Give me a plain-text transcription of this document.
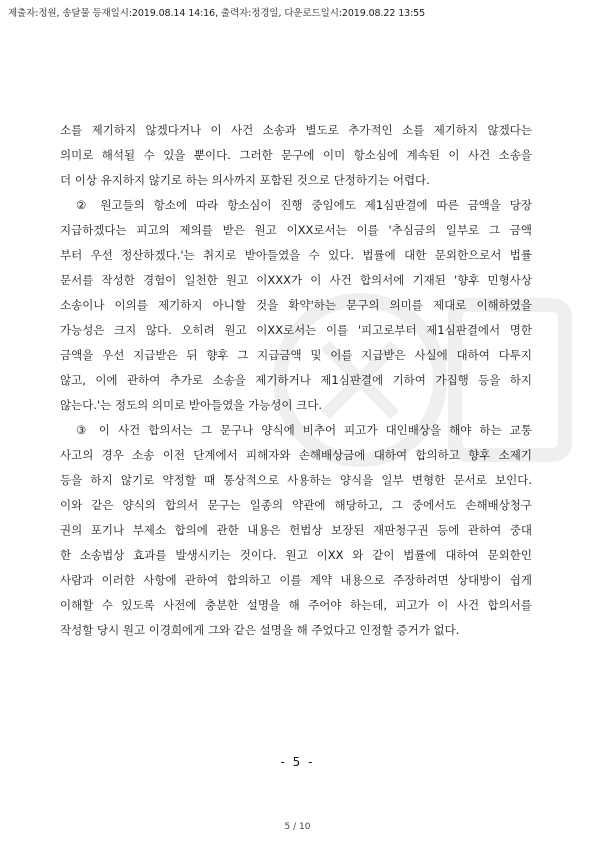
제출자:정원, 송달물 등재일시:2019.08.14 14:16, 출력자:정경일, 다운로드일시:2019.08.22 13:55
소를 제기하지 않겠다거나 이 사건 소송과 별도로 추가적인 소를 제기하지 않겠다는
의미로 해석될 수 있을 뿐이다. 그러한 문구에 이미 항소심에 계속된 이 사건 소송을
더 이상 유지하지 않기로 하는 의사까지 포함된 것으로 단정하기는 어렵다.
② 원고들의 항소에 따라 항소심이 진행 중임에도 제1심판결에 따른 금액을 당장
지급하겠다는 피고의 제의를 받은 원고 이XX로서는 이를 '추심금의 일부로 그 금액
부터 우선 정산하겠다.'는 취지로 받아들였을 수 있다. 법률에 대한 문외한으로서 법률
문서를 작성한 경험이 일천한 원고 이XXX가 이 사건 합의서에 기재된 '향후 민형사상
소송이나 이의를 제기하지 아니할 것을 확약'하는 문구의 의미를 제대로 이해하였을
가능성은 크지 않다. 오히려 원고 이XX로서는 이를 '피고로부터 제1심판결에서 명한
금액을 우선 지급받은 뒤 향후 그 지급금액 및 이를 지급받은 사실에 대하여 다투지
않고, 이에 관하여 추가로 소송을 제기하거나 제1심판결에 기하여 가집행 등을 하지
않는다.'는 정도의 의미로 받아들였을 가능성이 크다.
③ 이 사건 합의서는 그 문구나 양식에 비추어 피고가 대인배상을 해야 하는 교통
사고의 경우 소송 이전 단계에서 피해자와 손해배상금에 대하여 합의하고 향후 소제기
등을 하지 않기로 약정할 때 통상적으로 사용하는 양식을 일부 변형한 문서로 보인다.
이와 같은 양식의 합의서 문구는 일종의 약관에 해당하고, 그 중에서도 손해배상청구
권의 포기나 부제소 합의에 관한 내용은 헌법상 보장된 재판청구권 등에 관하여 중대
한 소송법상 효과를 발생시키는 것이다. 원고 이XX 와 같이 법률에 대하여 문외한인
사람과 이러한 사항에 관하여 합의하고 이를 계약 내용으로 주장하려면 상대방이 쉽게
이해할 수 있도록 사전에 충분한 설명을 해 주어야 하는데, 피고가 이 사건 합의서를
작성할 당시 원고 이경희에게 그와 같은 설명을 해 주었다고 인정할 증거가 없다.
- 5 -
5 / 10
